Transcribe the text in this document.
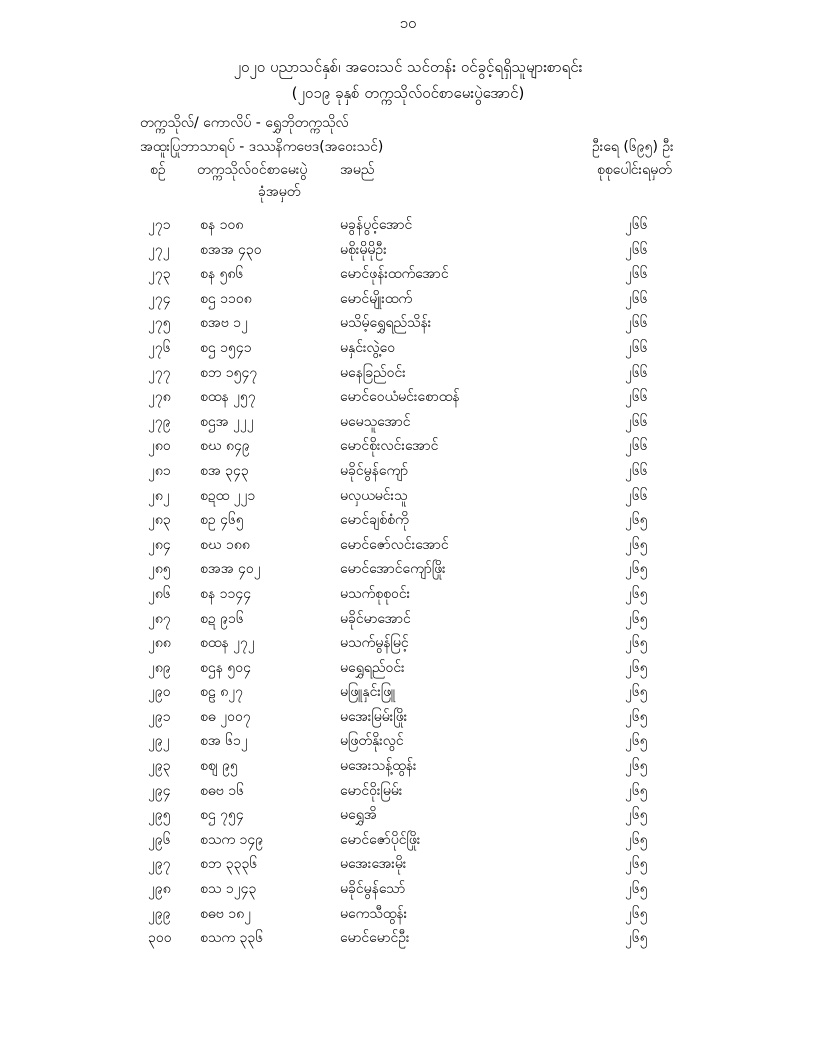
၁၀
၂၀၂၀ ပညာသင်နှစ်၊ အဝေးသင် သင်တန်း ဝင်ခွင့်ရရှိသူများစာရင်း
(၂၀၁၉ ခုနှစ် တက္ကသိုလ်ဝင်စာမေးပွဲအောင်)
တက္ကသိုလ်/ ကောလိပ် - ရွှေဘိုတက္ကသိုလ်
အထူးပြုဘာသာရပ် - ဒဿနိကဗေဒ(အဝေးသင်)	ဦးရေ (၆၉၅) ဦး
စဉ် တက္ကသိုလ်ဝင်စာမေးပွဲ
ခုံအမှတ်
အမည်	စုစုပေါင်းရမှတ်
၂၇၁ စန ၁၀၈	မခွန်ပွင့်အောင်	၂၆၆
၂၇၂ စအအ ၄၃၀	မစိုးမိုမိုဦး	၂၆၆
၂၇၃ စန ၅၈၆	မောင်ဖုန်းထက်အောင်	၂၆၆
၂၇၄ စဌ ၁၁၀၈	မောင်မျိုးထက်	၂၆၆
၂၇၅ စအဗ ၁၂	မသိမ့်ရွှေရည်သိန်း	၂၆၆
၂၇၆ စဌ ၁၅၄၁	မနှင်းလွဲ့ဝေ	၂၆၆
၂၇၇ စဘ ၁၅၄၇	မနေခြည်ဝင်း	၂၆၆
၂၇၈ စထန ၂၅၇	မောင်ဝေယံမင်းစောထန်	၂၆၆
၂၇၉ စဌအ ၂၂၂	မမေသူအောင်	၂၆၆
၂၈၀ စဃ ၈၄၉	မောင်စိုးလင်းအောင်	၂၆၆
၂၈၁ စအ ၃၄၃	မခိုင်မွန်ကျော်	၂၆၆
၂၈၂ စဍထ ၂၂၁	မလှယမင်းသူ	၂၆၆
၂၈၃ စဥ ၄၆၅	မောင်ချစ်စံကို	၂၆၅
၂၈၄ စဃ ၁၈၈	မောင်ဇော်လင်းအောင်	၂၆၅
၂၈၅ စအအ ၄၀၂	မောင်အောင်ကျော်ဖြိုး	၂၆၅
၂၈၆ စန ၁၁၄၄	မသက်စုစုဝင်း	၂၆၅
၂၈၇ စဍ ၉၁၆	မခိုင်မာအောင်	၂၆၅
၂၈၈ စထန ၂၇၂	မသက်မွန်မြင့်	၂၆၅
၂၈၉ စဌန ၅၀၄	မရွှေရည်ဝင်း	၂၆၅
၂၉၀ စဠ ၈၂၇	မဖြူနှင်းဖြူ	၂၆၅
၂၉၁ စဓ ၂၀၀၇	မအေးမြမ်းဖြိုး	၂၆၅
၂၉၂ စအ ၆၁၂	မဖြတ်နိုးလွင်	၂၆၅
၂၉၃ စဈ ၉၅	မအေးသန့်ထွန်း	၂၆၅
၂၉၄ စဓဗ ၁၆	မောင်ဝိုးမြမ်း	၂၆၅
၂၉၅ စဌ ၇၅၄	မရွှေအိ	၂၆၅
၂၉၆ စသက ၁၄၉	မောင်ဇော်ပိုင်ဖြိုး	၂၆၅
၂၉၇ စဘ ၃၃၃၆	မအေးအေးမိုး	၂၆၅
၂၉၈ စသ ၁၂၄၃	မခိုင်မွန်သော်	၂၆၅
၂၉၉ စဓဗ ၁၈၂	မကေသီထွန်း	၂၆၅
၃၀၀ စသက ၃၃၆	မောင်မောင်ဦး	၂၆၅
